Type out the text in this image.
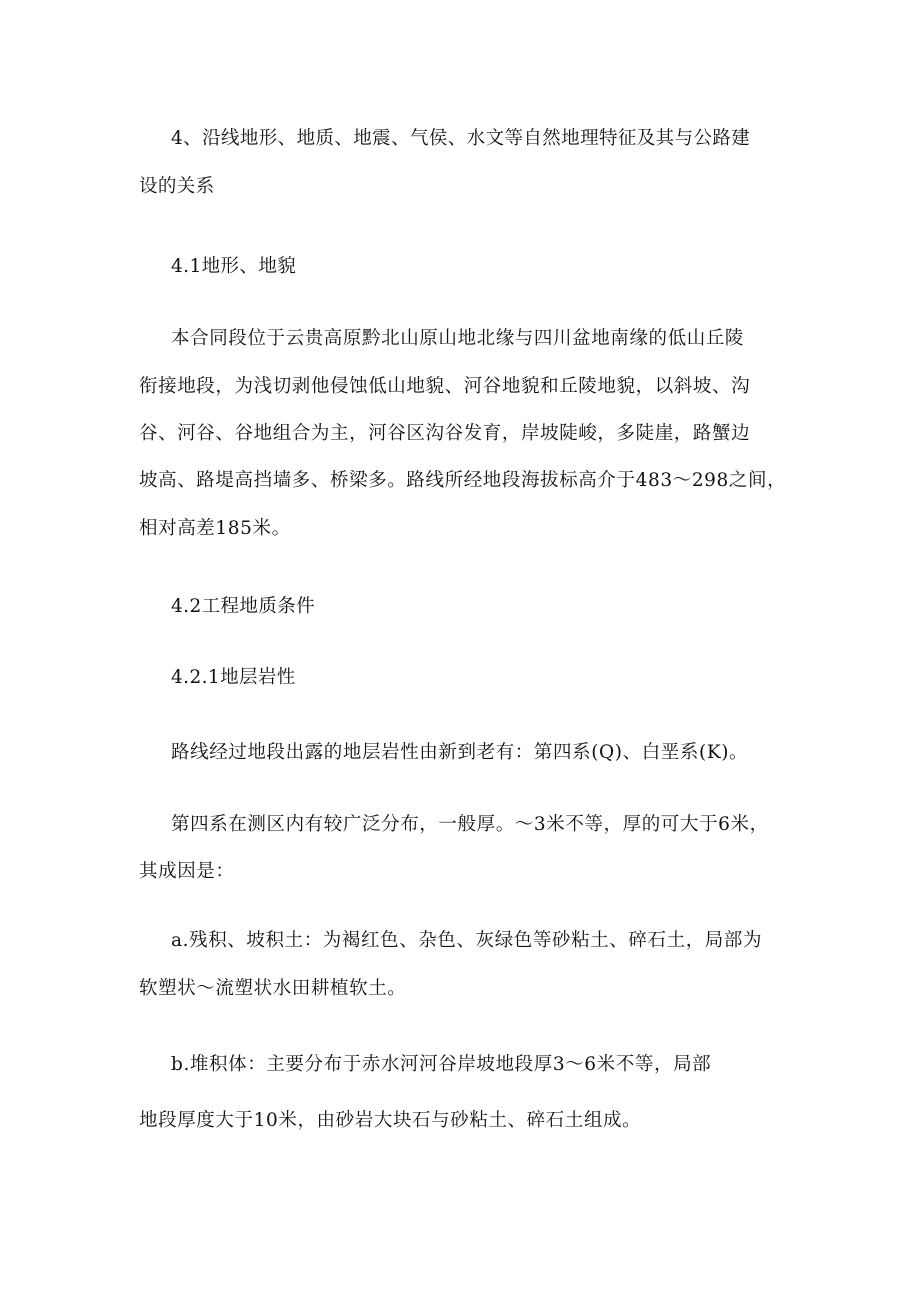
4、沿线地形、地质、地震、气侯、水文等自然地理特征及其与公路建
设的关系
4.1地形、地貌
本合同段位于云贵高原黔北山原山地北缘与四川盆地南缘的低山丘陵
衔接地段，为浅切剥他侵蚀低山地貌、河谷地貌和丘陵地貌，以斜坡、沟
谷、河谷、谷地组合为主，河谷区沟谷发育，岸坡陡峻，多陡崖，路蟹边
坡高、路堤高挡墙多、桥梁多。路线所经地段海拔标高介于483～298之间，
相对高差185米。
4.2工程地质条件
4.2.1地层岩性
路线经过地段出露的地层岩性由新到老有：第四系(Q)、白垩系(K)。
第四系在测区内有较广泛分布，一般厚。～3米不等，厚的可大于6米，
其成因是：
a.残积、坡积土：为褐红色、杂色、灰绿色等砂粘土、碎石土，局部为
软塑状～流塑状水田耕植软土。
b.堆积体：主要分布于赤水河河谷岸坡地段厚3～6米不等，局部
地段厚度大于10米，由砂岩大块石与砂粘土、碎石土组成。
